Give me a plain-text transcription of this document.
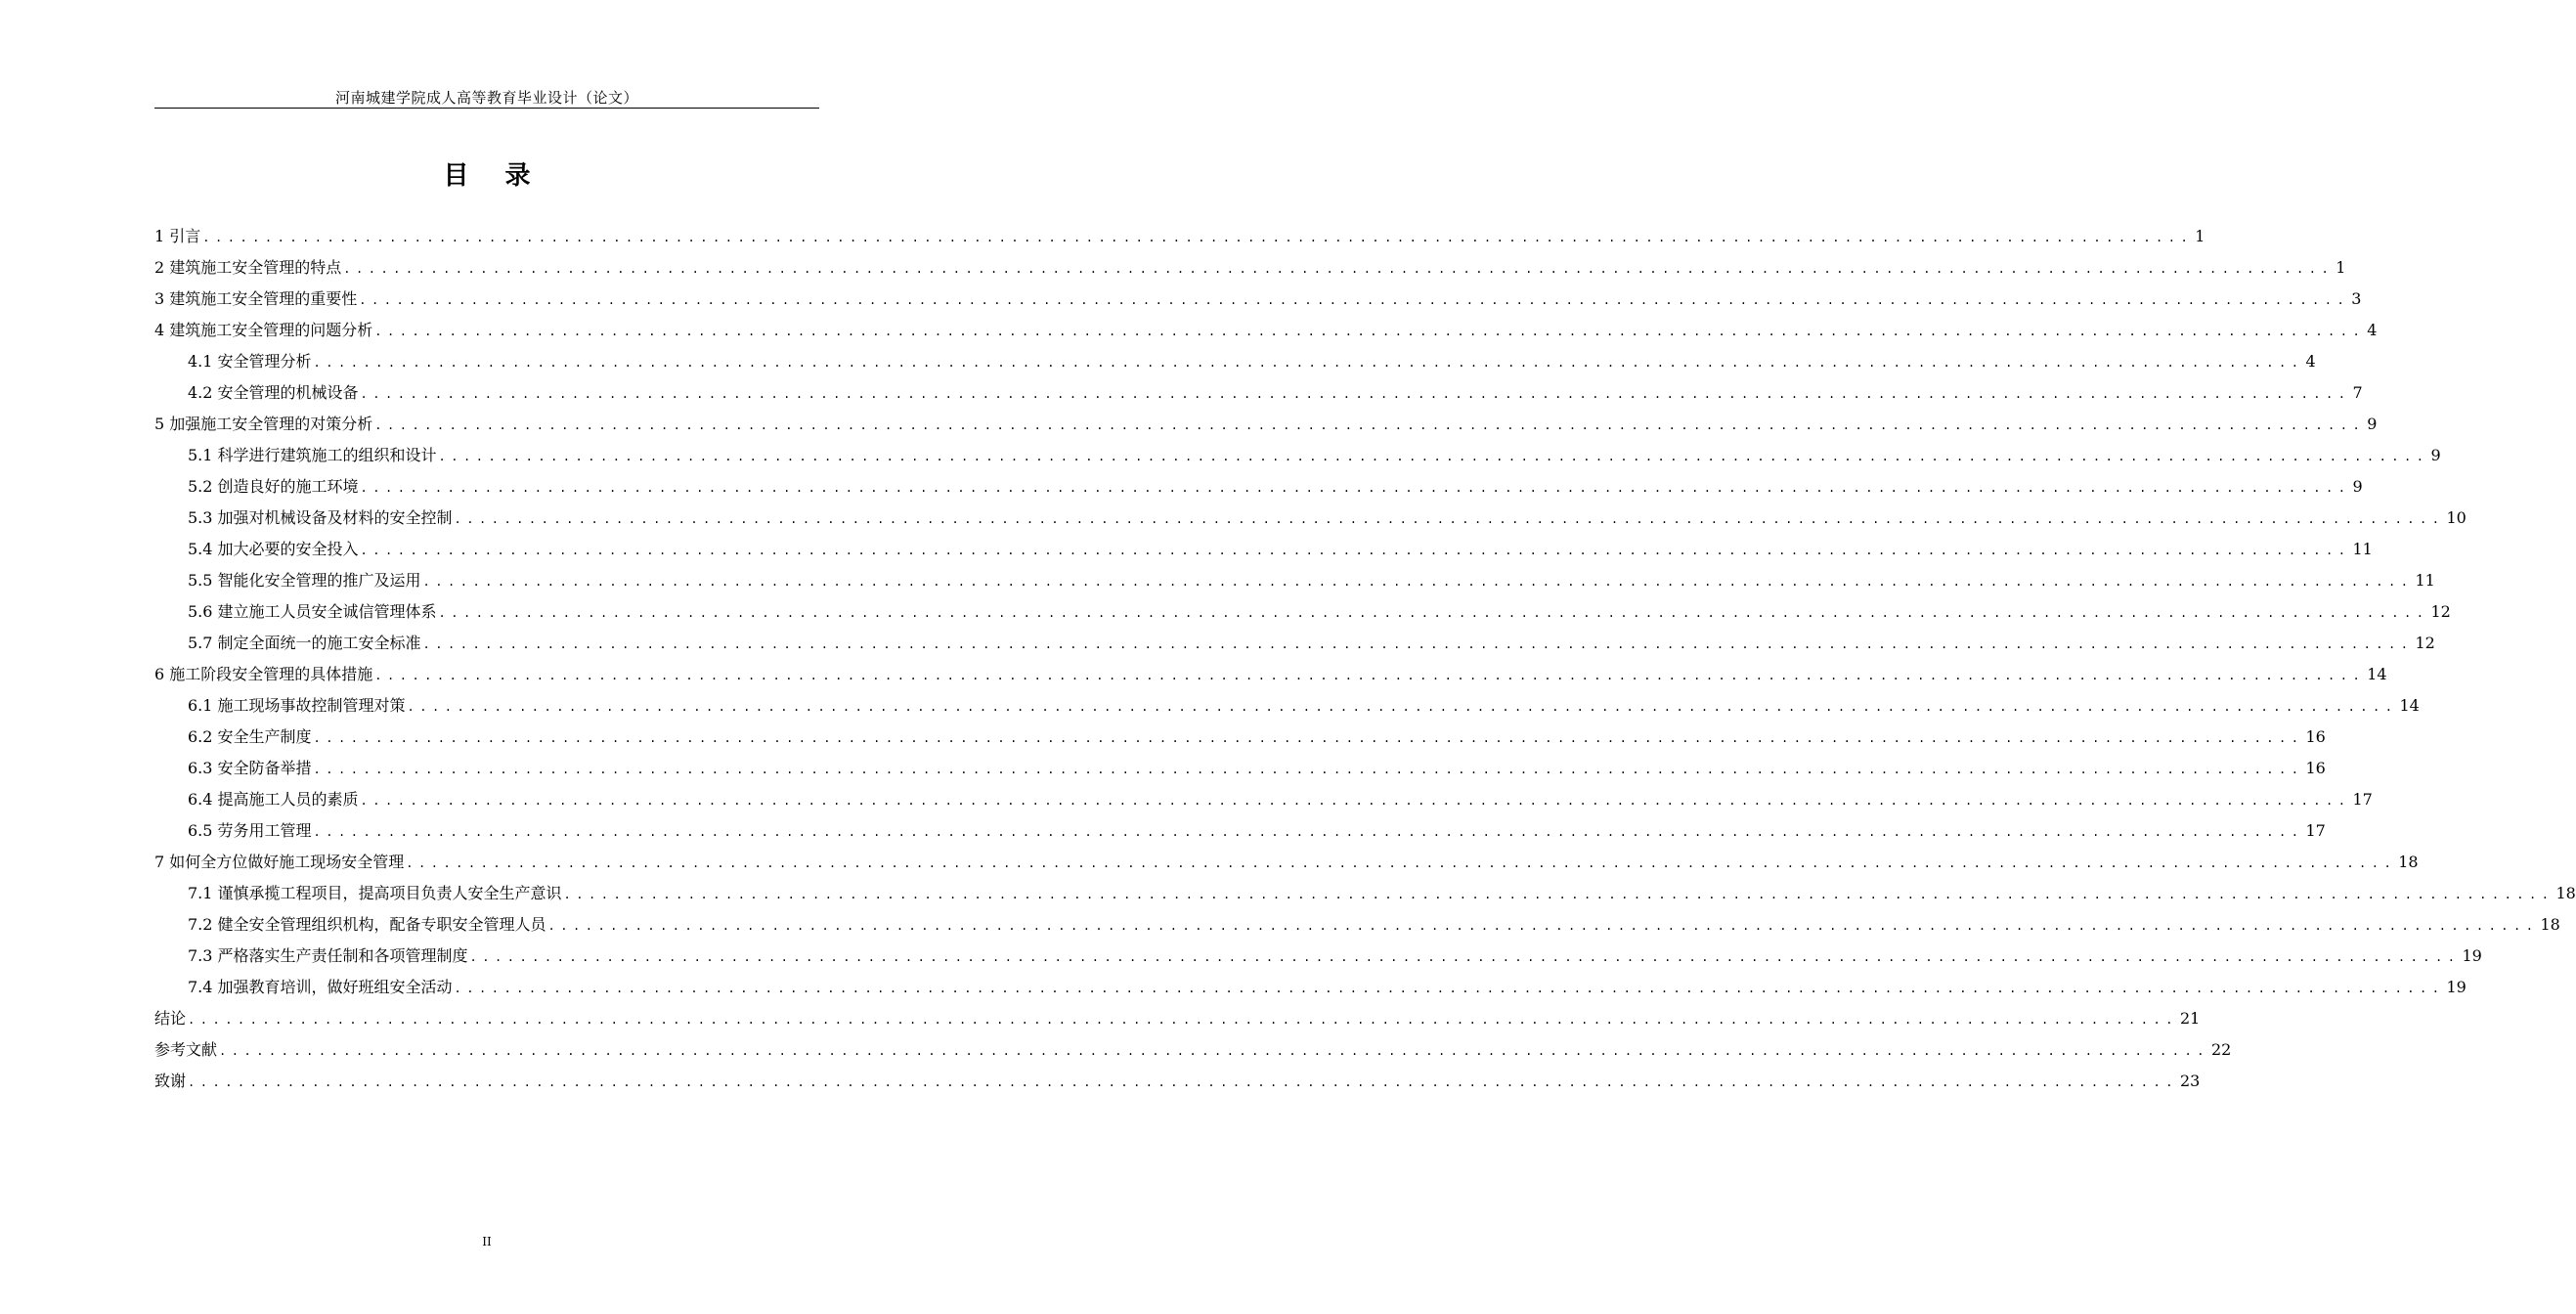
河南城建学院成人高等教育毕业设计（论文）
目 录
1 引言 ................................................................................................................................................................ 1
2 建筑施工安全管理的特点 ................................................................................................................................................................ 1
3 建筑施工安全管理的重要性 ................................................................................................................................................................ 3
4 建筑施工安全管理的问题分析 ................................................................................................................................................................ 4
4.1 安全管理分析 ................................................................................................................................................................ 4
4.2 安全管理的机械设备 ................................................................................................................................................................ 7
5 加强施工安全管理的对策分析 ................................................................................................................................................................ 9
5.1 科学进行建筑施工的组织和设计 ................................................................................................................................................................ 9
5.2 创造良好的施工环境 ................................................................................................................................................................ 9
5.3 加强对机械设备及材料的安全控制 ................................................................................................................................................................ 10
5.4 加大必要的安全投入 ................................................................................................................................................................ 11
5.5 智能化安全管理的推广及运用 ................................................................................................................................................................ 11
5.6 建立施工人员安全诚信管理体系 ................................................................................................................................................................ 12
5.7 制定全面统一的施工安全标准 ................................................................................................................................................................ 12
6 施工阶段安全管理的具体措施 ................................................................................................................................................................ 14
6.1 施工现场事故控制管理对策 ................................................................................................................................................................ 14
6.2 安全生产制度 ................................................................................................................................................................ 16
6.3 安全防备举措 ................................................................................................................................................................ 16
6.4 提高施工人员的素质 ................................................................................................................................................................ 17
6.5 劳务用工管理 ................................................................................................................................................................ 17
7 如何全方位做好施工现场安全管理 ................................................................................................................................................................ 18
7.1 谨慎承揽工程项目，提高项目负责人安全生产意识 ................................................................................................................................................................ 18
7.2 健全安全管理组织机构，配备专职安全管理人员 ................................................................................................................................................................ 18
7.3 严格落实生产责任制和各项管理制度 ................................................................................................................................................................ 19
7.4 加强教育培训，做好班组安全活动 ................................................................................................................................................................ 19
结论 ................................................................................................................................................................ 21
参考文献 ................................................................................................................................................................ 22
致谢 ................................................................................................................................................................ 23
II
